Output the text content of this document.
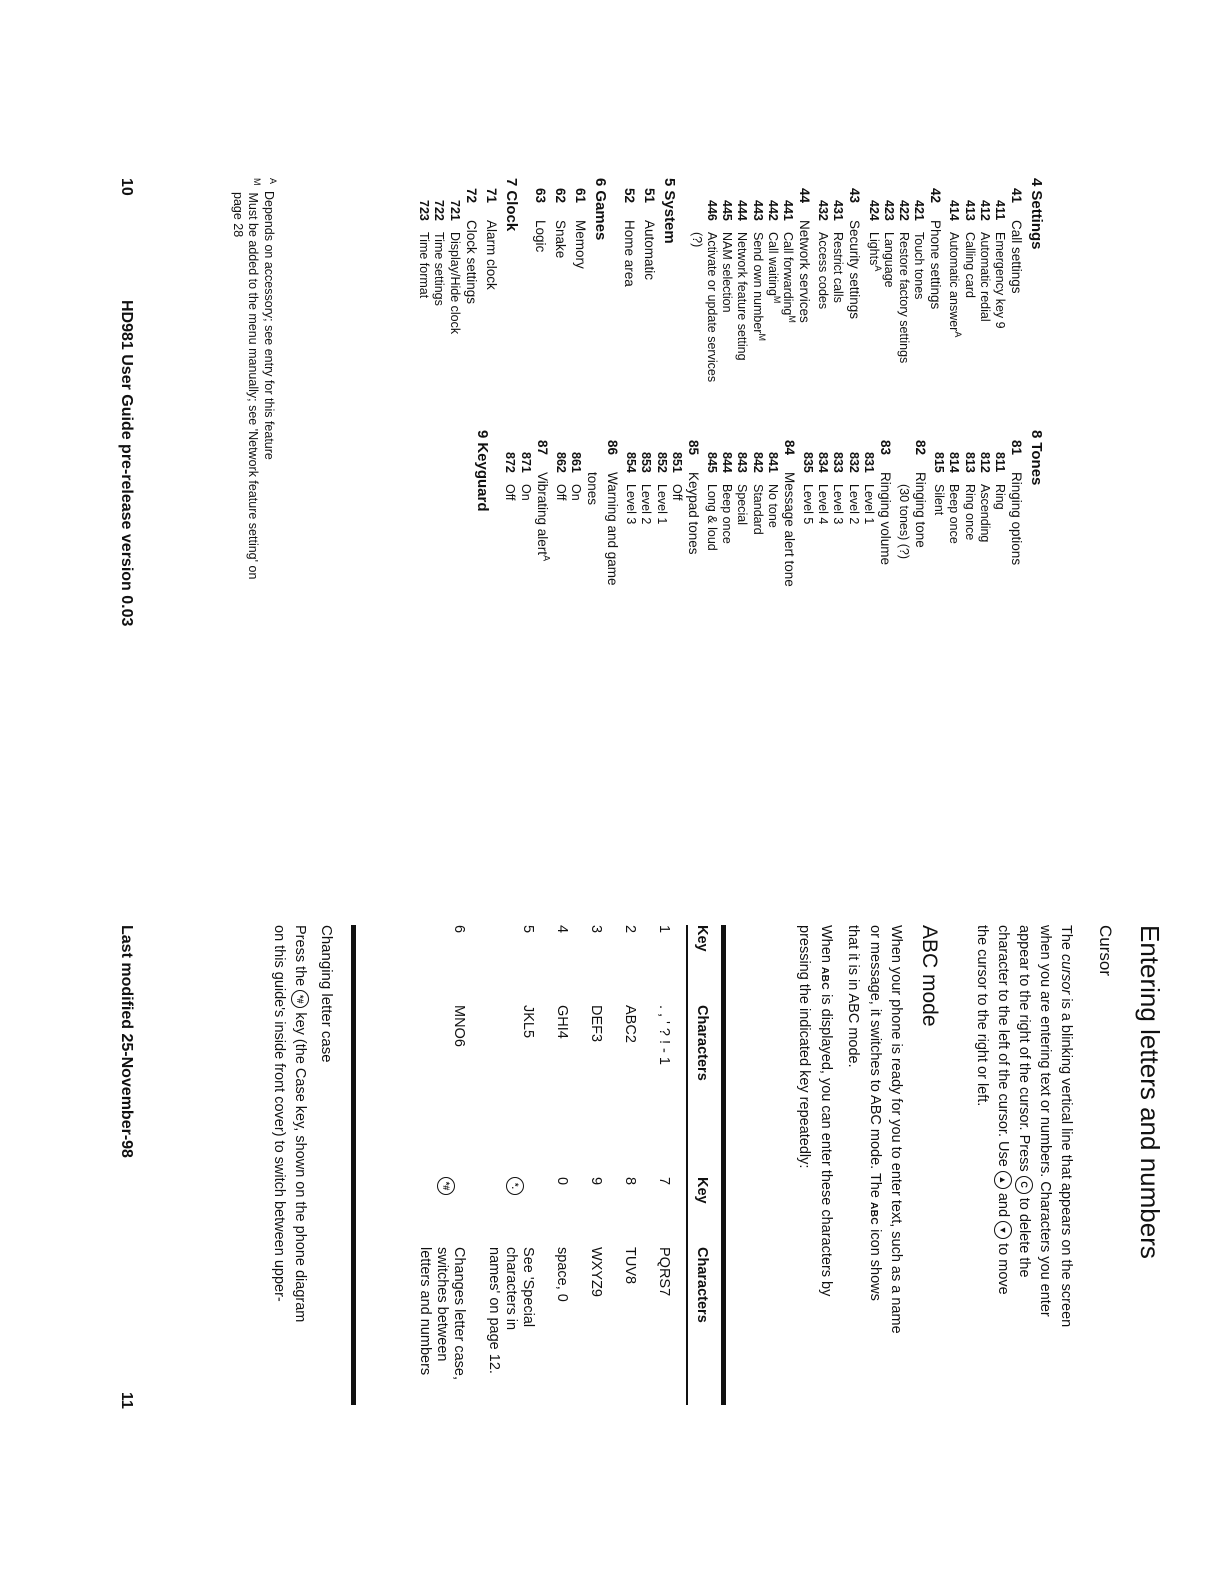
4Settings
41Call settings
411Emergency key 9
412Automatic redial
413Calling card
414Automatic answer$^A$
42Phone settings
421Touch tones
422Restore factory settings
423Language
424Lights$^A$
43Security settings
431Restrict calls
432Access codes
44Network services
441Call forwarding$^M$
442Call waiting$^M$
443Send own number$^M$
444Network feature setting
445NAM selection
446Activate or update services
(?)
5System
51Automatic
52Home area
6Games
61Memory
62Snake
63Logic
7Clock
71Alarm clock
72Clock settings
721Display/Hide clock
722Time settings
723Time format
8Tones
81Ringing options
811Ring
812Ascending
813Ring once
814Beep once
815Silent
82Ringing tone
(30 tones) (?)
83Ringing volume
831Level 1
832Level 2
833Level 3
834Level 4
835Level 5
84Message alert tone
841No tone
842Standard
843Special
844Beep once
845Long & loud
85Keypad tones
851Off
852Level 1
853Level 2
854Level 3
86Warning and game
tones
861On
862Off
87Vibrating alert$^A$
871On
872Off
9Keyguard
$^A$  Depends on accessory; see entry for this feature
$^M$  Must be added to the menu manually; see 'Network feature setting' on
page 28
10
HD981 User Guide pre-release version 0.03
Entering letters and numbers
Cursor
The cursor is a blinking vertical line that appears on the screen
when you are entering text or numbers. Characters you enter
appear to the right of the cursor. Press C to delete the
character to the left of the cursor. Use ▲ and ▼ to move
the cursor to the right or left.
ABC mode
When your phone is ready for you to enter text, such as a name
or message, it switches to ABC mode. The ABC icon shows
that it is in ABC mode.
When ABC is displayed, you can enter these characters by
pressing the indicated key repeatedly:
Key
Characters
Key
Characters
1
. , ' ? ! - 1
7
PQRS7
2
ABC2
8
TUV8
3
DEF3
9
WXYZ9
4
GHI4
0
space, 0
5
JKL5
See 'Special
characters in
names' on page 12.
6
MNO6
Changes letter case,
switches between
letters and numbers
*.
*#
Changing letter case
Press the *# key (the Case key, shown on the phone diagram
on this guide's inside front cover) to switch between upper-
Last modified 25-November-98
11
